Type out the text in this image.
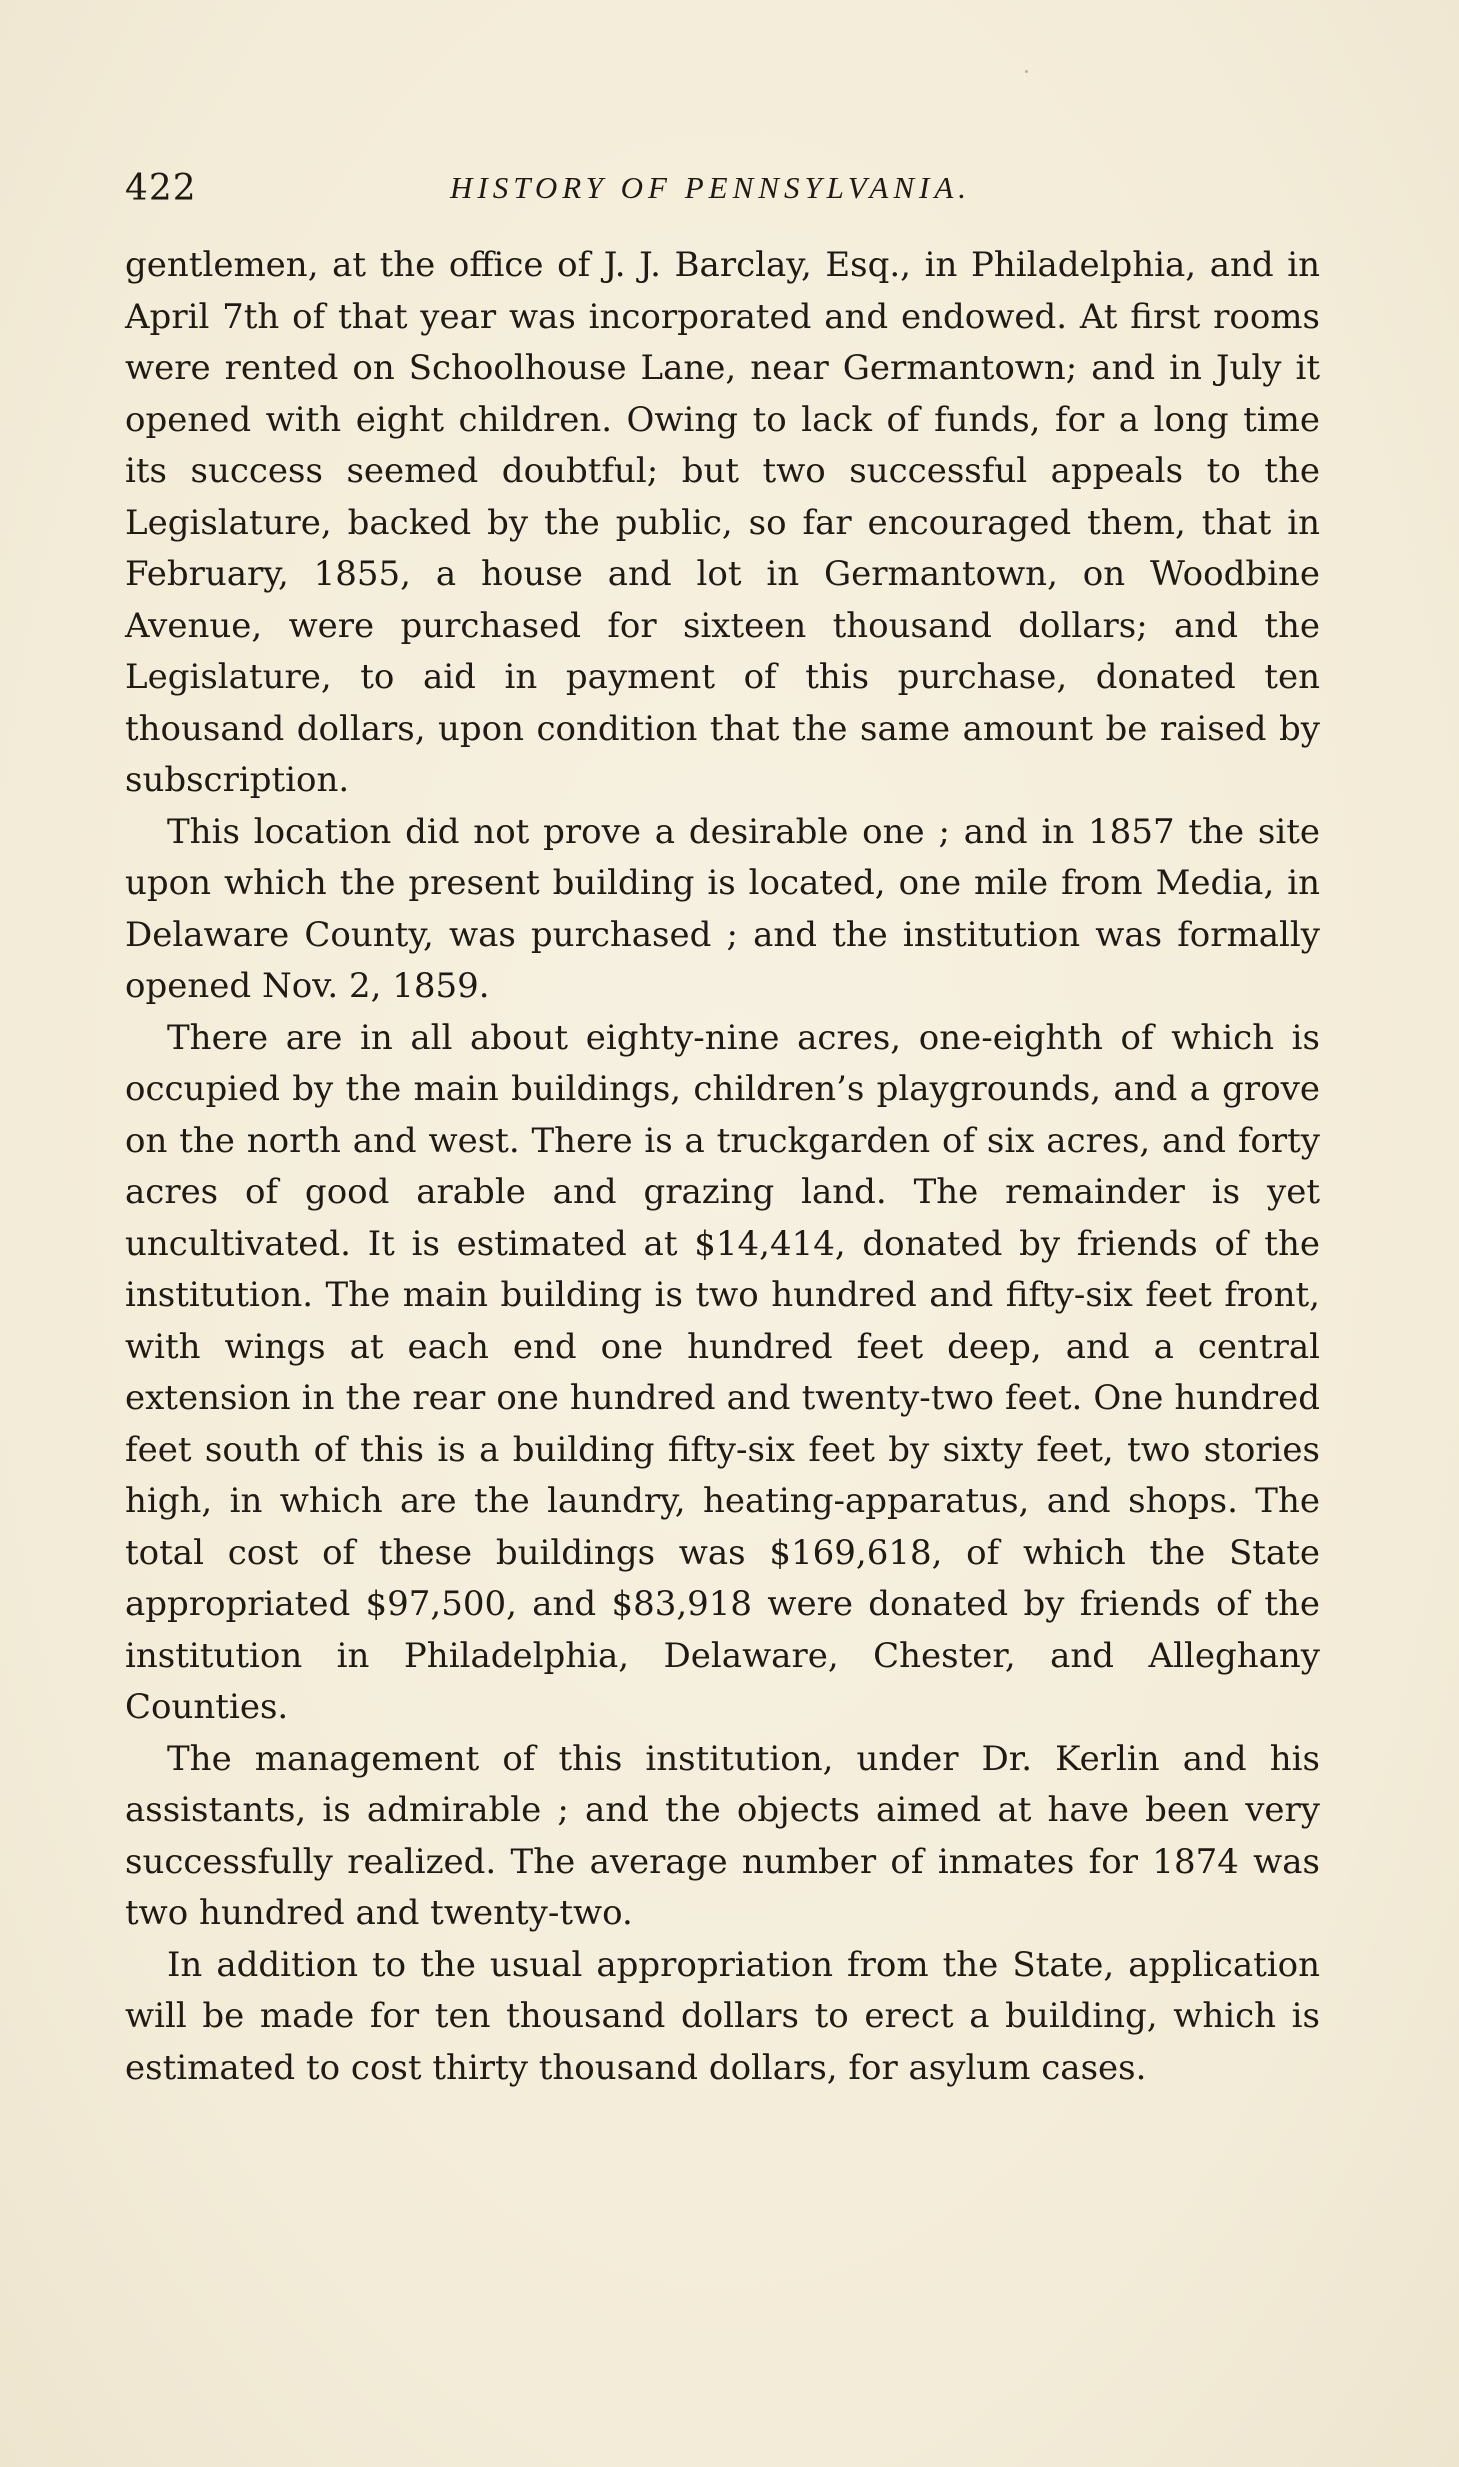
422	HISTORY OF PENNSYLVANIA.

gentlemen, at the office of J. J. Barclay, Esq., in Philadelphia, and in April 7th of that year was incorporated and endowed. At first rooms were rented on Schoolhouse Lane, near Germantown; and in July it opened with eight children. Owing to lack of funds, for a long time its success seemed doubtful; but two successful appeals to the Legislature, backed by the public, so far encouraged them, that in February, 1855, a house and lot in Germantown, on Woodbine Avenue, were purchased for sixteen thousand dollars; and the Legislature, to aid in payment of this purchase, donated ten thousand dollars, upon condition that the same amount be raised by subscription.

This location did not prove a desirable one ; and in 1857 the site upon which the present building is located, one mile from Media, in Delaware County, was purchased ; and the institution was formally opened Nov. 2, 1859.

There are in all about eighty-nine acres, one-eighth of which is occupied by the main buildings, children’s playgrounds, and a grove on the north and west. There is a truckgarden of six acres, and forty acres of good arable and grazing land. The remainder is yet uncultivated. It is estimated at $14,414, donated by friends of the institution. The main building is two hundred and fifty-six feet front, with wings at each end one hundred feet deep, and a central extension in the rear one hundred and twenty-two feet. One hundred feet south of this is a building fifty-six feet by sixty feet, two stories high, in which are the laundry, heating-apparatus, and shops. The total cost of these buildings was $169,618, of which the State appropriated $97,500, and $83,918 were donated by friends of the institution in Philadelphia, Delaware, Chester, and Alleghany Counties.

The management of this institution, under Dr. Kerlin and his assistants, is admirable ; and the objects aimed at have been very successfully realized. The average number of inmates for 1874 was two hundred and twenty-two.

In addition to the usual appropriation from the State, application will be made for ten thousand dollars to erect a building, which is estimated to cost thirty thousand dollars, for asylum cases.
